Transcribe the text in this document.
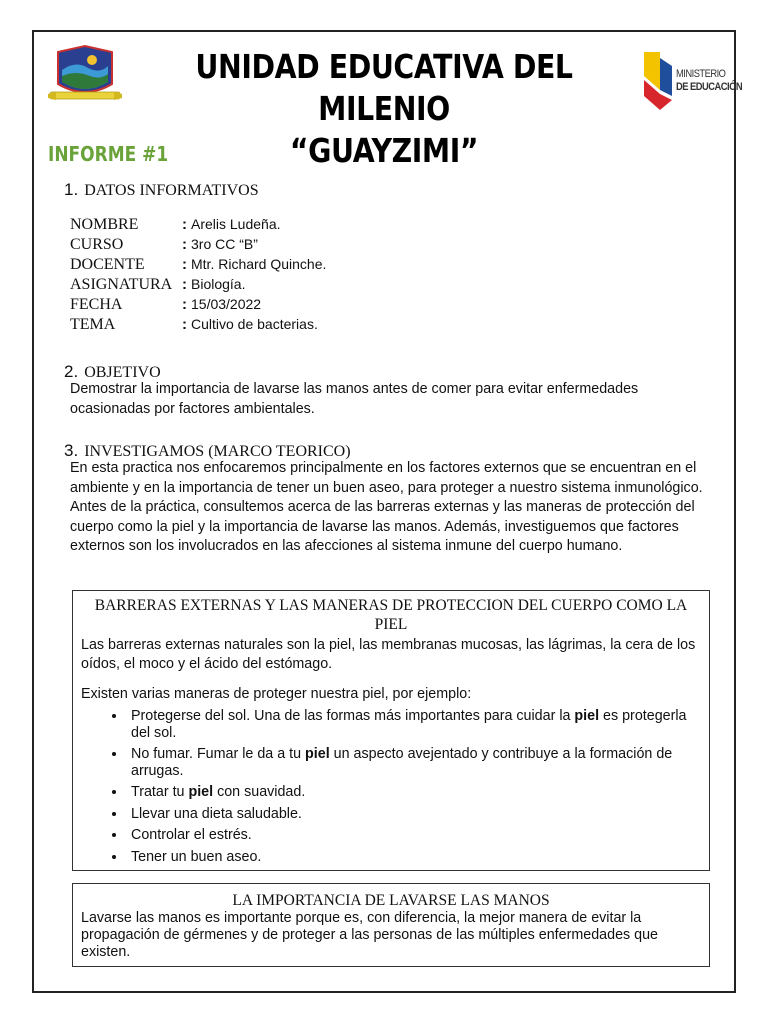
UNIDAD EDUCATIVA DEL MILENIO
“GUAYZIMI”
MINISTERIO
DE EDUCACIÓN
INFORME #1
1. DATOS INFORMATIVOS
NOMBRE	: Arelis Ludeña.
CURSO	: 3ro CC “B”
DOCENTE	: Mtr. Richard Quinche.
ASIGNATURA : Biología.
FECHA	: 15/03/2022
TEMA	: Cultivo de bacterias.
2. OBJETIVO

Demostrar la importancia de lavarse las manos antes de comer para evitar enfermedades ocasionadas por factores ambientales.

3. INVESTIGAMOS (MARCO TEORICO)

En esta practica nos enfocaremos principalmente en los factores externos que se encuentran en el ambiente y en la importancia de tener un buen aseo, para proteger a nuestro sistema inmunológico. Antes de la práctica, consultemos acerca de las barreras externas y las maneras de protección del cuerpo como la piel y la importancia de lavarse las manos. Además, investiguemos que factores externos son los involucrados en las afecciones al sistema inmune del cuerpo humano.

BARRERAS EXTERNAS Y LAS MANERAS DE PROTECCION DEL CUERPO COMO LA PIEL

Las barreras externas naturales son la piel, las membranas mucosas, las lágrimas, la cera de los oídos, el moco y el ácido del estómago.

Existen varias maneras de proteger nuestra piel, por ejemplo:

• Protegerse del sol. Una de las formas más importantes para cuidar la piel es protegerla del sol.
• No fumar. Fumar le da a tu piel un aspecto avejentado y contribuye a la formación de arrugas.
• Tratar tu piel con suavidad.
• Llevar una dieta saludable.
• Controlar el estrés.
• Tener un buen aseo.
LA IMPORTANCIA DE LAVARSE LAS MANOS

Lavarse las manos es importante porque es, con diferencia, la mejor manera de evitar la propagación de gérmenes y de proteger a las personas de las múltiples enfermedades que existen.
